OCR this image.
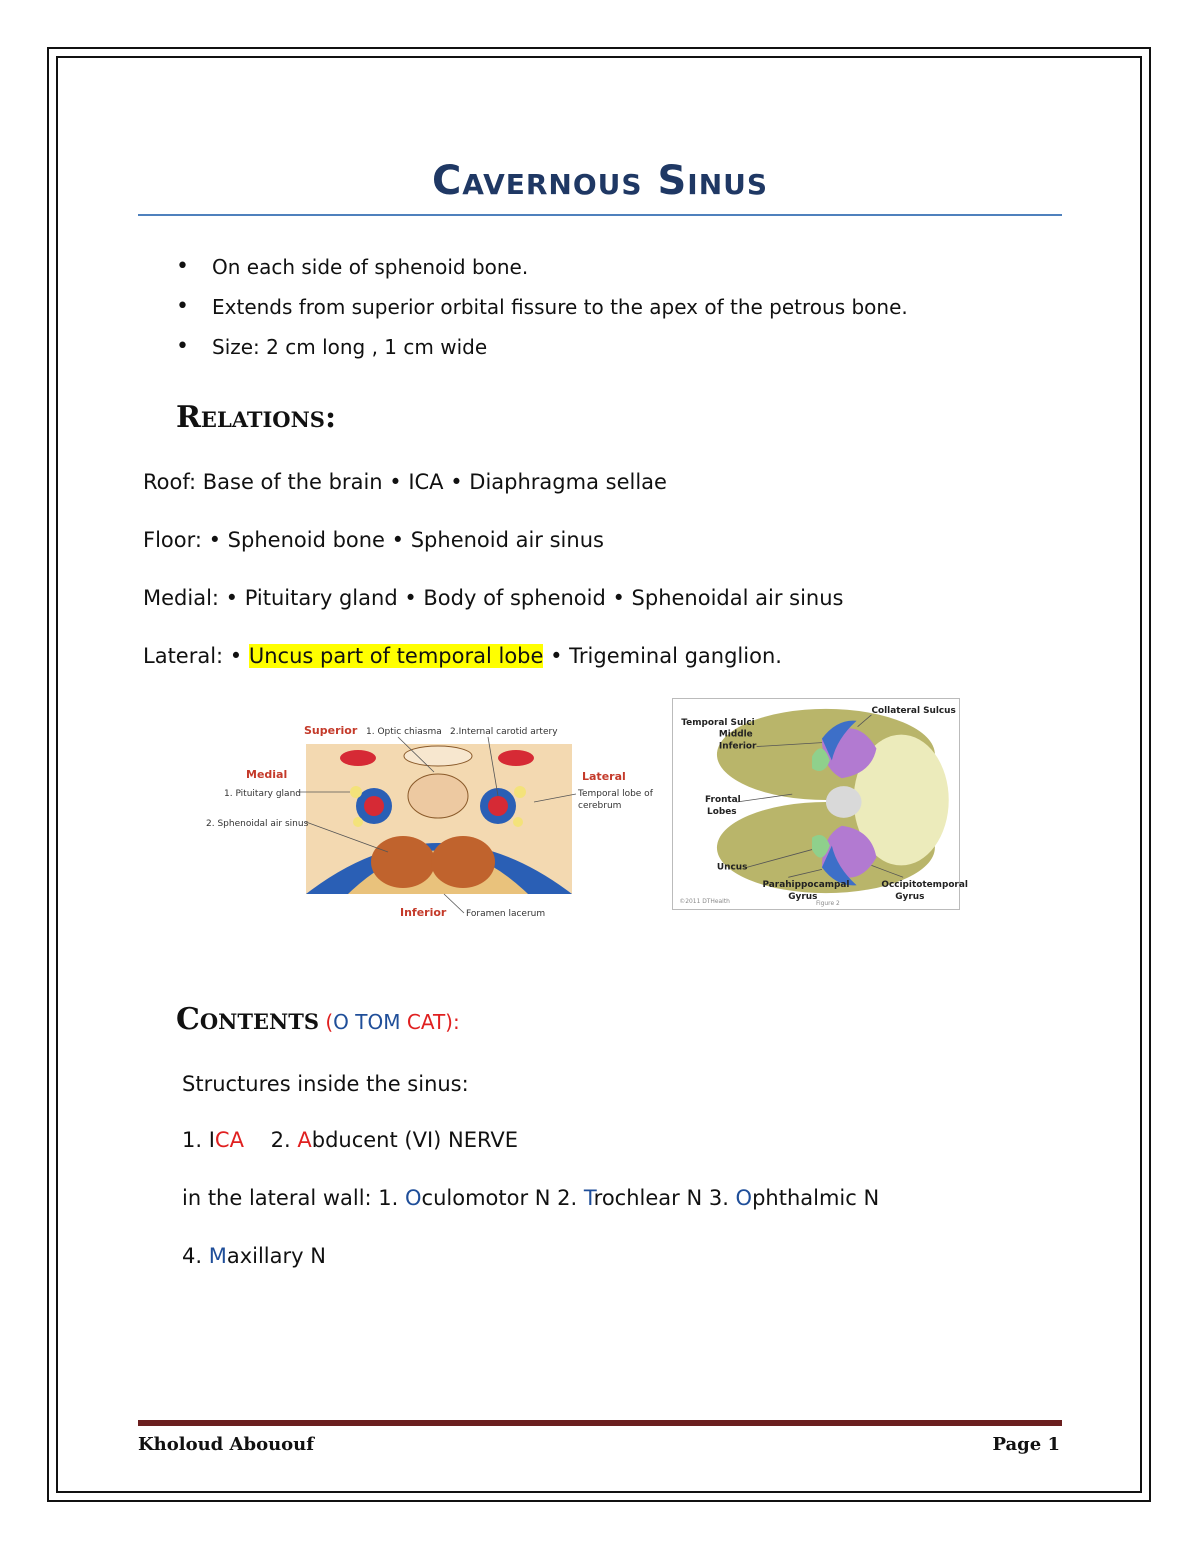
Cavernous Sinus
• On each side of sphenoid bone.
• Extends from superior orbital fissure to the apex of the petrous bone.
• Size: 2 cm long , 1 cm wide
Relations:
Roof: Base of the brain • ICA • Diaphragma sellae
Floor: • Sphenoid bone • Sphenoid air sinus
Medial: • Pituitary gland • Body of sphenoid • Sphenoidal air sinus
Lateral: • Uncus part of temporal lobe • Trigeminal ganglion.
Superior 1. Optic chiasma 2.Internal carotid artery
Medial
1. Pituitary gland
2. Sphenoidal air sinus
Lateral
Temporal lobe of
cerebrum
Inferior Foramen lacerum
Temporal Sulci
Middle
Inferior
Collateral Sulcus
Frontal
Lobes
Uncus
Parahippocampal
Gyrus
Occipitotemporal
Gyrus
©2011 DTHealth	Figure 2
Contents (O TOM CAT):
Structures inside the sinus:
1. ICA    2. Abducent (VI) NERVE
in the lateral wall: 1. Oculomotor N 2. Trochlear N 3. Ophthalmic N
4. Maxillary N
Kholoud Abououf	Page 1
